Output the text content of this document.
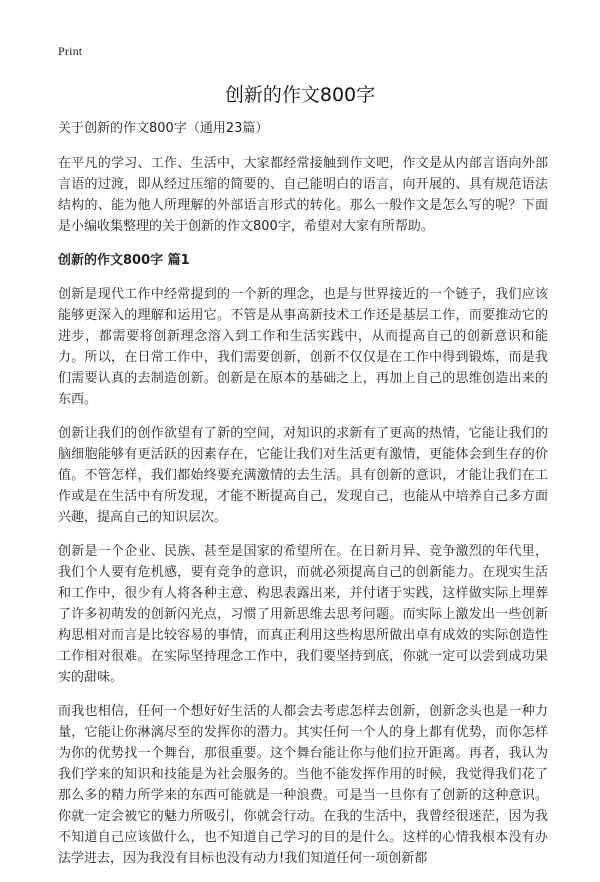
Print
创新的作文800字

关于创新的作文800字（通用23篇）

在平凡的学习、工作、生活中，大家都经常接触到作文吧，作文是从内部言语向外部言语的过渡，即从经过压缩的简要的、自己能明白的语言，向开展的、具有规范语法结构的、能为他人所理解的外部语言形式的转化。那么一般作文是怎么写的呢？下面是小编收集整理的关于创新的作文800字，希望对大家有所帮助。

创新的作文800字 篇1

创新是现代工作中经常提到的一个新的理念，也是与世界接近的一个链子，我们应该能够更深入的理解和运用它。不管是从事高新技术工作还是基层工作，而要推动它的进步，都需要将创新理念溶入到工作和生活实践中，从而提高自己的创新意识和能力。所以，在日常工作中，我们需要创新，创新不仅仅是在工作中得到锻炼，而是我们需要认真的去制造创新。创新是在原本的基础之上，再加上自己的思维创造出来的东西。

创新让我们的创作欲望有了新的空间，对知识的求新有了更高的热情，它能让我们的脑细胞能够有更活跃的因素存在，它能让我们对生活更有激情，更能体会到生存的价值。不管怎样，我们都始终要充满激情的去生活。具有创新的意识，才能让我们在工作或是在生活中有所发现，才能不断提高自己，发现自己，也能从中培养自己多方面兴趣，提高自己的知识层次。

创新是一个企业、民族、甚至是国家的希望所在。在日新月异、竞争激烈的年代里，我们个人要有危机感，要有竞争的意识，而就必须提高自己的创新能力。在现实生活和工作中，很少有人将各种主意、构思表露出来，并付诸于实践，这样做实际上埋葬了许多初萌发的创新闪光点，习惯了用新思维去思考问题。而实际上激发出一些创新构思相对而言是比较容易的事情，而真正利用这些构思所做出卓有成效的实际创造性工作相对很难。在实际坚持理念工作中，我们要坚持到底，你就一定可以尝到成功果实的甜味。

而我也相信，任何一个想好好生活的人都会去考虑怎样去创新，创新念头也是一种力量，它能让你淋漓尽至的发挥你的潜力。其实任何一个人的身上都有优势，而你怎样为你的优势找一个舞台，那很重要。这个舞台能让你与他们拉开距离。再者，我认为我们学来的知识和技能是为社会服务的。当他不能发挥作用的时候，我觉得我们花了那么多的精力所学来的东西可能就是一种浪费。可是当一旦你有了创新的这种意识。你就一定会被它的魅力所吸引，你就会行动。在我的生活中，我曾经很迷茫，因为我不知道自己应该做什么，也不知道自己学习的目的是什么。这样的心情我根本没有办法学进去，因为我没有目标也没有动力!我们知道任何一项创新都
